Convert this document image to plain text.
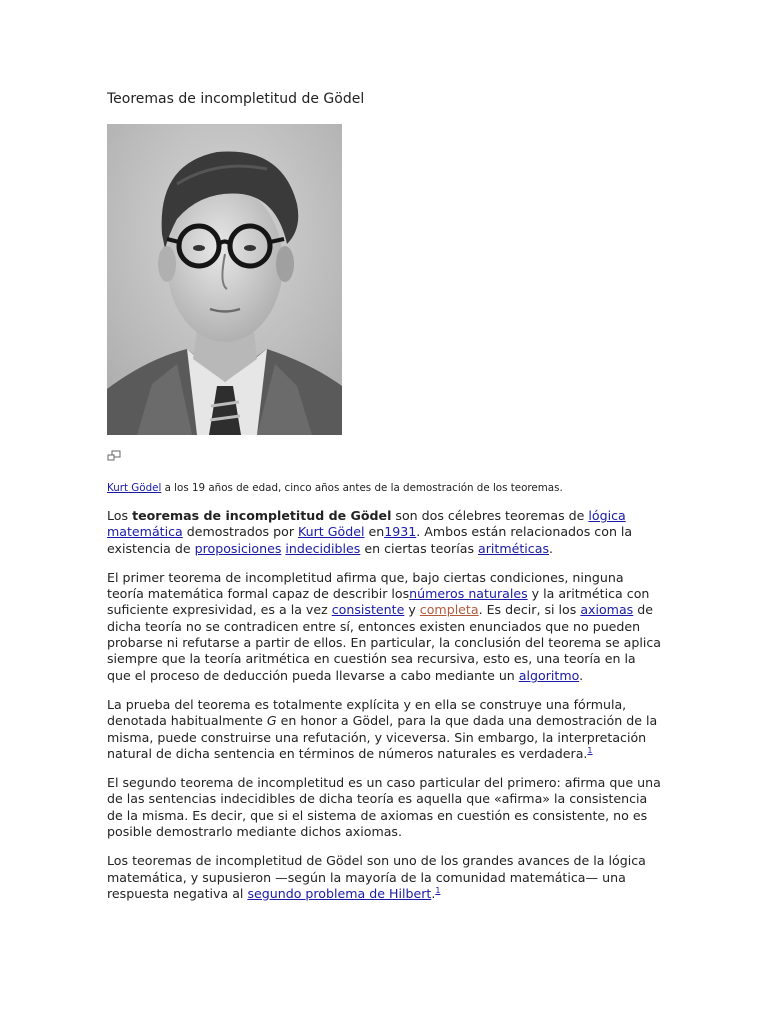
Teoremas de incompletitud de Gödel
Kurt Gödel a los 19 años de edad, cinco años antes de la demostración de los teoremas.

Los teoremas de incompletitud de Gödel son dos célebres teoremas de lógica matemática demostrados por Kurt Gödel en1931. Ambos están relacionados con la existencia de proposiciones indecidibles en ciertas teorías aritméticas.

El primer teorema de incompletitud afirma que, bajo ciertas condiciones, ninguna teoría matemática formal capaz de describir losnúmeros naturales y la aritmética con suficiente expresividad, es a la vez consistente y completa. Es decir, si los axiomas de dicha teoría no se contradicen entre sí, entonces existen enunciados que no pueden probarse ni refutarse a partir de ellos. En particular, la conclusión del teorema se aplica siempre que la teoría aritmética en cuestión sea recursiva, esto es, una teoría en la que el proceso de deducción pueda llevarse a cabo mediante un algoritmo.

La prueba del teorema es totalmente explícita y en ella se construye una fórmula, denotada habitualmente G en honor a Gödel, para la que dada una demostración de la misma, puede construirse una refutación, y viceversa. Sin embargo, la interpretación natural de dicha sentencia en términos de números naturales es verdadera.$^1$

El segundo teorema de incompletitud es un caso particular del primero: afirma que una de las sentencias indecidibles de dicha teoría es aquella que «afirma» la consistencia de la misma. Es decir, que si el sistema de axiomas en cuestión es consistente, no es posible demostrarlo mediante dichos axiomas.

Los teoremas de incompletitud de Gödel son uno de los grandes avances de la lógica matemática, y supusieron —según la mayoría de la comunidad matemática— una respuesta negativa al segundo problema de Hilbert.$^1$
